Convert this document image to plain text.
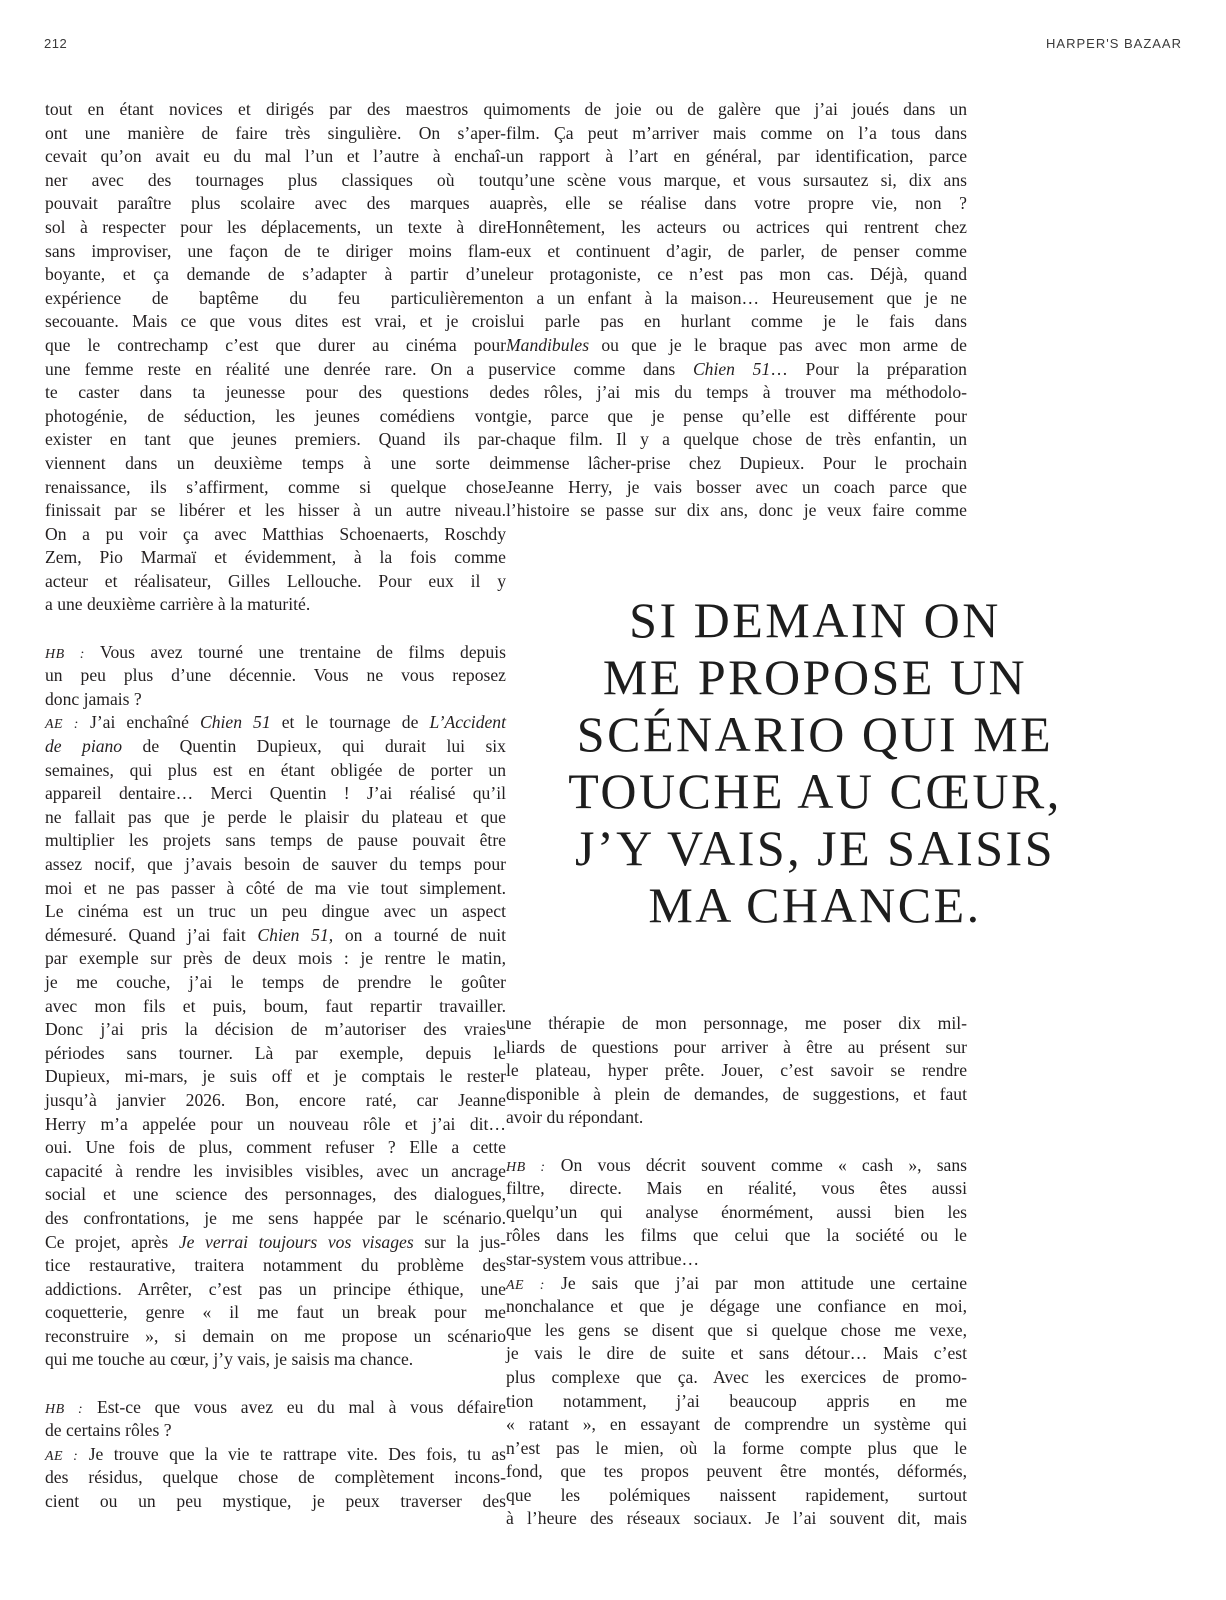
212	HARPER'S BAZAAR
tout en étant novices et dirigés par des maestros qui
ont une manière de faire très singulière. On s’aper-
cevait qu’on avait eu du mal l’un et l’autre à enchaî-
ner avec des tournages plus classiques où tout
pouvait paraître plus scolaire avec des marques au
sol à respecter pour les déplacements, un texte à dire
sans improviser, une façon de te diriger moins flam-
boyante, et ça demande de s’adapter à partir d’une
expérience de baptême du feu particulièrement
secouante. Mais ce que vous dites est vrai, et je crois
que le contrechamp c’est que durer au cinéma pour
une femme reste en réalité une denrée rare. On a pu
te caster dans ta jeunesse pour des questions de
photogénie, de séduction, les jeunes comédiens vont
exister en tant que jeunes premiers. Quand ils par-
viennent dans un deuxième temps à une sorte de
renaissance, ils s’affirment, comme si quelque chose
finissait par se libérer et les hisser à un autre niveau.
On a pu voir ça avec Matthias Schoenaerts, Roschdy
Zem, Pio Marmaï et évidemment, à la fois comme
acteur et réalisateur, Gilles Lellouche. Pour eux il y
a une deuxième carrière à la maturité.
HB : Vous avez tourné une trentaine de films depuis
un peu plus d’une décennie. Vous ne vous reposez
donc jamais ?
AE : J’ai enchaîné Chien 51 et le tournage de L’Accident
de piano de Quentin Dupieux, qui durait lui six
semaines, qui plus est en étant obligée de porter un
appareil dentaire… Merci Quentin ! J’ai réalisé qu’il
ne fallait pas que je perde le plaisir du plateau et que
multiplier les projets sans temps de pause pouvait être
assez nocif, que j’avais besoin de sauver du temps pour
moi et ne pas passer à côté de ma vie tout simplement.
Le cinéma est un truc un peu dingue avec un aspect
démesuré. Quand j’ai fait Chien 51, on a tourné de nuit
par exemple sur près de deux mois : je rentre le matin,
je me couche, j’ai le temps de prendre le goûter
avec mon fils et puis, boum, faut repartir travailler.
Donc j’ai pris la décision de m’autoriser des vraies
périodes sans tourner. Là par exemple, depuis le
Dupieux, mi-mars, je suis off et je comptais le rester
jusqu’à janvier 2026. Bon, encore raté, car Jeanne
Herry m’a appelée pour un nouveau rôle et j’ai dit…
oui. Une fois de plus, comment refuser ? Elle a cette
capacité à rendre les invisibles visibles, avec un ancrage
social et une science des personnages, des dialogues,
des confrontations, je me sens happée par le scénario.
Ce projet, après Je verrai toujours vos visages sur la jus-
tice restaurative, traitera notamment du problème des
addictions. Arrêter, c’est pas un principe éthique, une
coquetterie, genre « il me faut un break pour me
reconstruire », si demain on me propose un scénario
qui me touche au cœur, j’y vais, je saisis ma chance.
HB : Est-ce que vous avez eu du mal à vous défaire
de certains rôles ?
AE : Je trouve que la vie te rattrape vite. Des fois, tu as
des résidus, quelque chose de complètement incons-
cient ou un peu mystique, je peux traverser des
moments de joie ou de galère que j’ai joués dans un
film. Ça peut m’arriver mais comme on l’a tous dans
un rapport à l’art en général, par identification, parce
qu’une scène vous marque, et vous sursautez si, dix ans
après, elle se réalise dans votre propre vie, non ?
Honnêtement, les acteurs ou actrices qui rentrent chez
eux et continuent d’agir, de parler, de penser comme
leur protagoniste, ce n’est pas mon cas. Déjà, quand
on a un enfant à la maison… Heureusement que je ne
lui parle pas en hurlant comme je le fais dans
Mandibules ou que je le braque pas avec mon arme de
service comme dans Chien 51… Pour la préparation
des rôles, j’ai mis du temps à trouver ma méthodolo-
gie, parce que je pense qu’elle est différente pour
chaque film. Il y a quelque chose de très enfantin, un
immense lâcher-prise chez Dupieux. Pour le prochain
Jeanne Herry, je vais bosser avec un coach parce que
l’histoire se passe sur dix ans, donc je veux faire comme
SI DEMAIN ON
ME PROPOSE UN
SCÉNARIO QUI ME
TOUCHE AU CŒUR,
J’Y VAIS, JE SAISIS
MA CHANCE.
une thérapie de mon personnage, me poser dix mil-
liards de questions pour arriver à être au présent sur
le plateau, hyper prête. Jouer, c’est savoir se rendre
disponible à plein de demandes, de suggestions, et faut
avoir du répondant.
HB : On vous décrit souvent comme « cash », sans
filtre, directe. Mais en réalité, vous êtes aussi
quelqu’un qui analyse énormément, aussi bien les
rôles dans les films que celui que la société ou le
star-system vous attribue…
AE : Je sais que j’ai par mon attitude une certaine
nonchalance et que je dégage une confiance en moi,
que les gens se disent que si quelque chose me vexe,
je vais le dire de suite et sans détour… Mais c’est
plus complexe que ça. Avec les exercices de promo-
tion notamment, j’ai beaucoup appris en me
« ratant », en essayant de comprendre un système qui
n’est pas le mien, où la forme compte plus que le
fond, que tes propos peuvent être montés, déformés,
que les polémiques naissent rapidement, surtout
à l’heure des réseaux sociaux. Je l’ai souvent dit, mais
